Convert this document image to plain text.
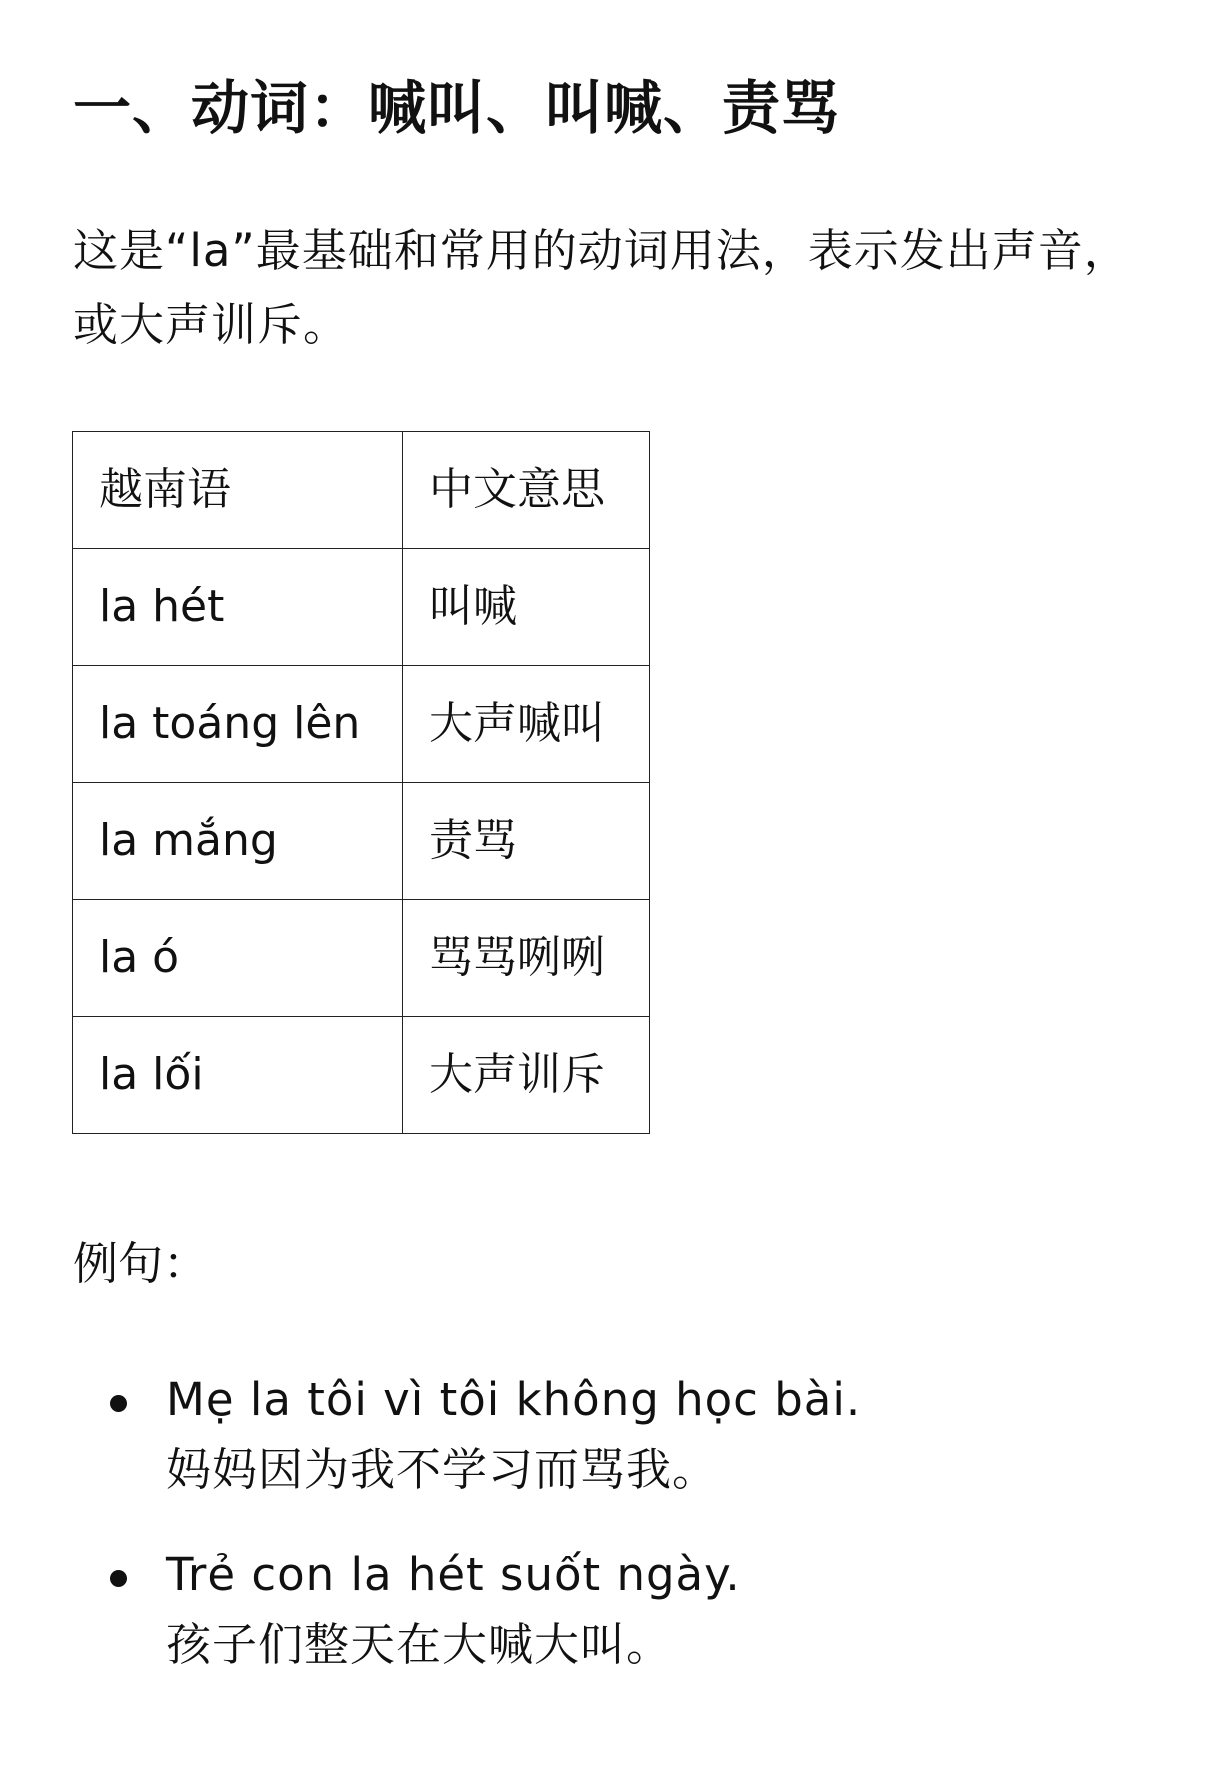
一、动词：喊叫、叫喊、责骂

这是“la”最基础和常用的动词用法，表示发出声音，或大声训斥。

越南语	中文意思
la hét	叫喊
la toáng lên	大声喊叫
la mắng	责骂
la ó	骂骂咧咧
la lối	大声训斥

例句：

Mẹ la tôi vì tôi không học bài.
妈妈因为我不学习而骂我。
Trẻ con la hét suốt ngày.
孩子们整天在大喊大叫。
